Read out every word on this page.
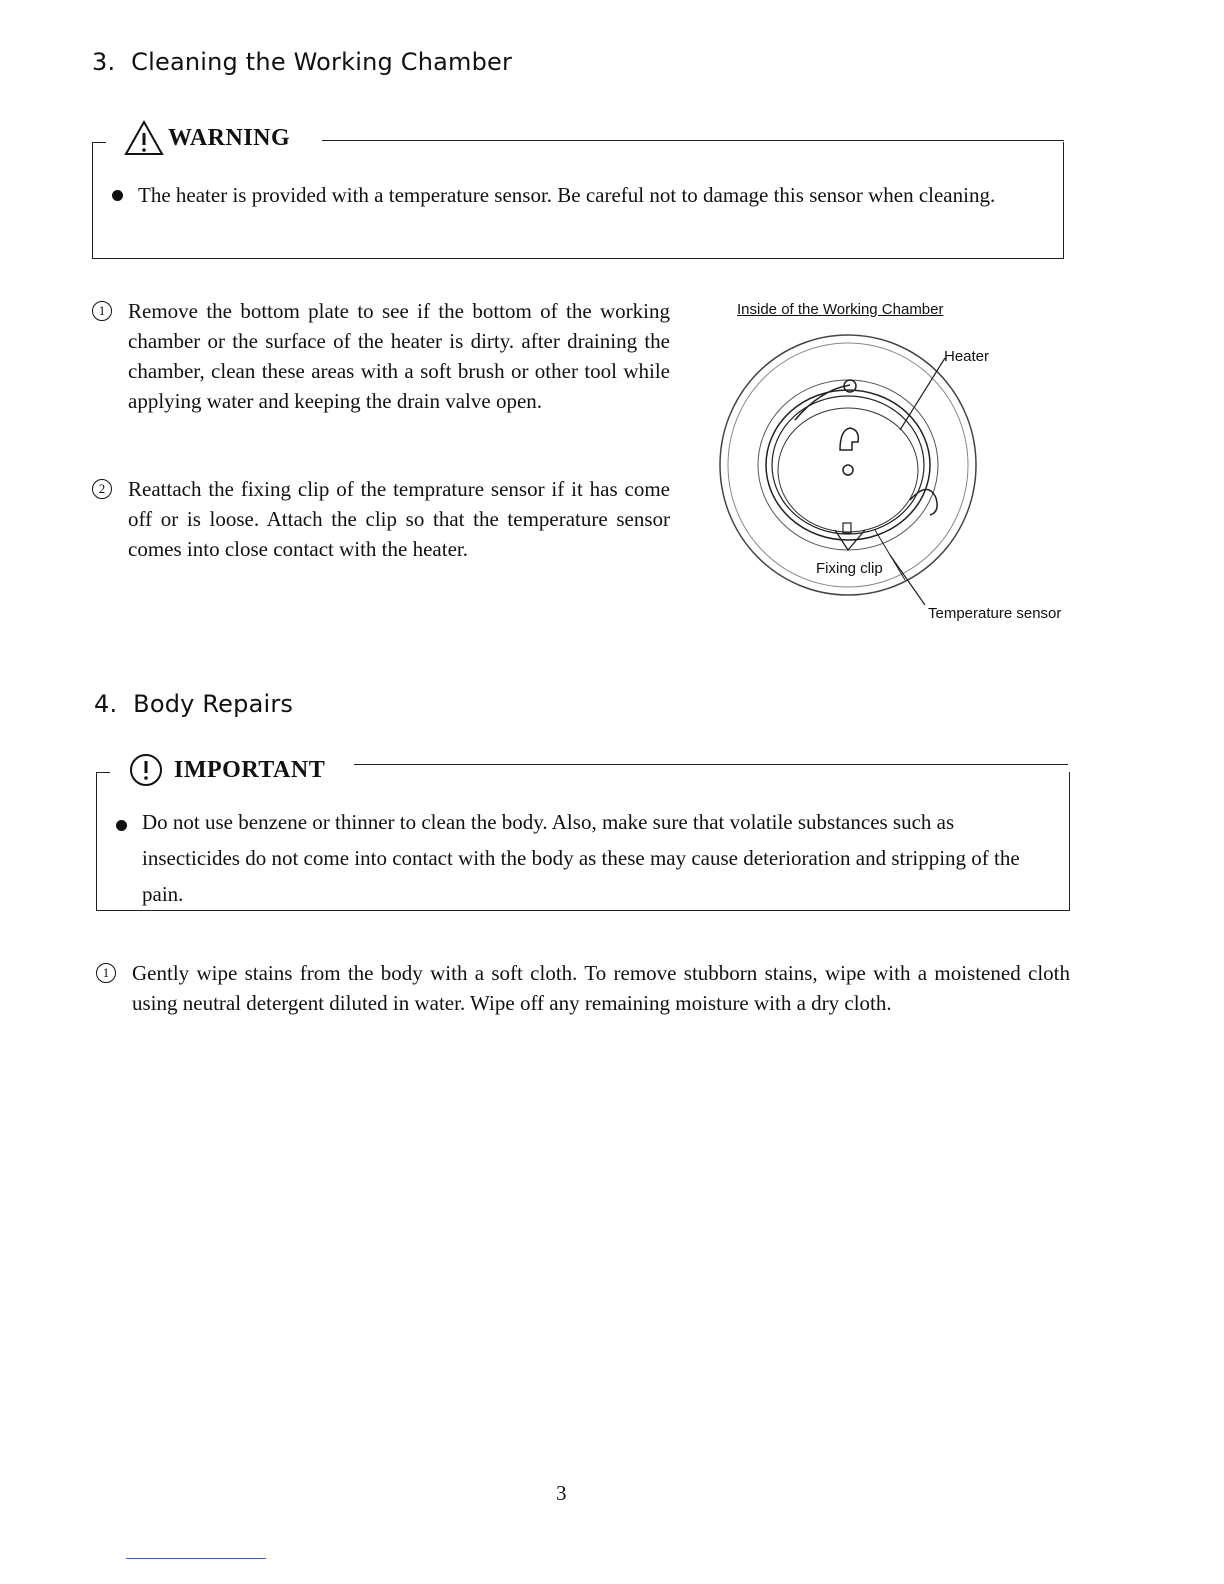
3. Cleaning the Working Chamber
WARNING
The heater is provided with a temperature sensor. Be careful not to damage this sensor when cleaning.
1	Remove the bottom plate to see if the bottom of the working chamber or the surface of the heater is dirty. after draining the chamber, clean these areas with a soft brush or other tool while applying water and keeping the drain valve open.
2	Reattach the fixing clip of the temprature sensor if it has come off or is loose. Attach the clip so that the temperature sensor comes into close contact with the heater.
Inside of the Working Chamber
Heater
Fixing clip
Temperature sensor
4. Body Repairs
IMPORTANT
Do not use benzene or thinner to clean the body. Also, make sure that volatile substances such as insecticides do not come into contact with the body as these may cause deterioration and stripping of the pain.
1	Gently wipe stains from the body with a soft cloth. To remove stubborn stains, wipe with a moistened cloth using neutral detergent diluted in water. Wipe off any remaining moisture with a dry cloth.
3
